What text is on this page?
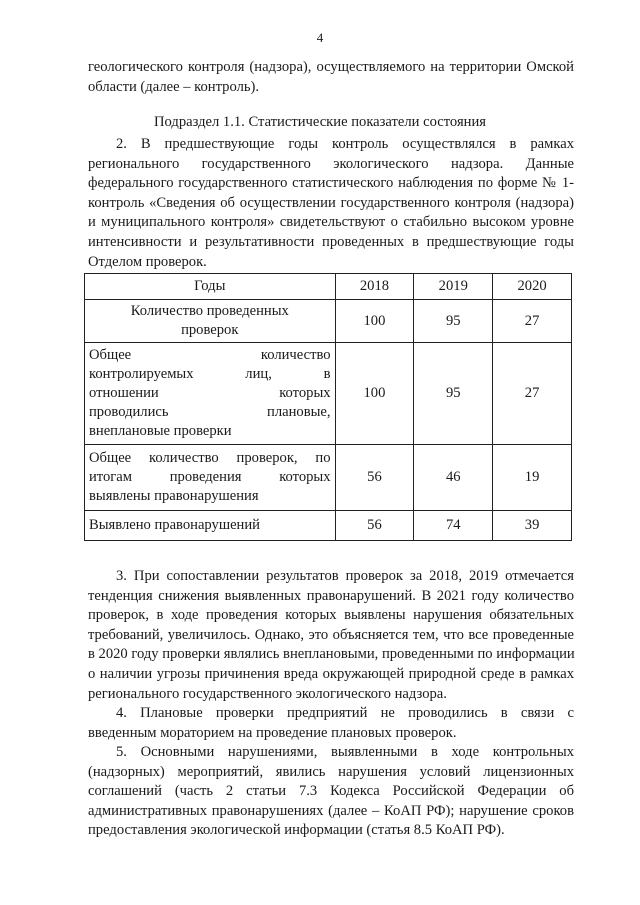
4

геологического контроля (надзора), осуществляемого на территории Омской
области (далее – контроль).

Подраздел 1.1. Статистические показатели состояния

2. В предшествующие годы контроль осуществлялся в рамках
регионального государственного экологического надзора. Данные
федерального государственного статистического наблюдения по форме № 1-
контроль «Сведения об осуществлении государственного контроля (надзора)
и муниципального контроля» свидетельствуют о стабильно высоком уровне
интенсивности и результативности проведенных в предшествующие годы
Отделом проверок.

Годы	2018	2019	2020

Количество проведенных
проверок	100	95	27

Общее количество
контролируемых лиц, в
отношении которых
проводились плановые,
внеплановые проверки	100	95	27

Общее количество проверок, по
итогам проведения которых
выявлены правонарушения	56	46	19

Выявлено правонарушений	56	74	39

3. При сопоставлении результатов проверок за 2018, 2019 отмечается
тенденция снижения выявленных правонарушений. В 2021 году количество
проверок, в ходе проведения которых выявлены нарушения обязательных
требований, увеличилось. Однако, это объясняется тем, что все проведенные
в 2020 году проверки являлись внеплановыми, проведенными по информации
о наличии угрозы причинения вреда окружающей природной среде в рамках
регионального государственного экологического надзора.

4. Плановые проверки предприятий не проводились в связи с
введенным мораторием на проведение плановых проверок.

5. Основными нарушениями, выявленными в ходе контрольных
(надзорных) мероприятий, явились нарушения условий лицензионных
соглашений (часть 2 статьи 7.3 Кодекса Российской Федерации об
административных правонарушениях (далее – КоАП РФ); нарушение сроков
предоставления экологической информации (статья 8.5 КоАП РФ).
